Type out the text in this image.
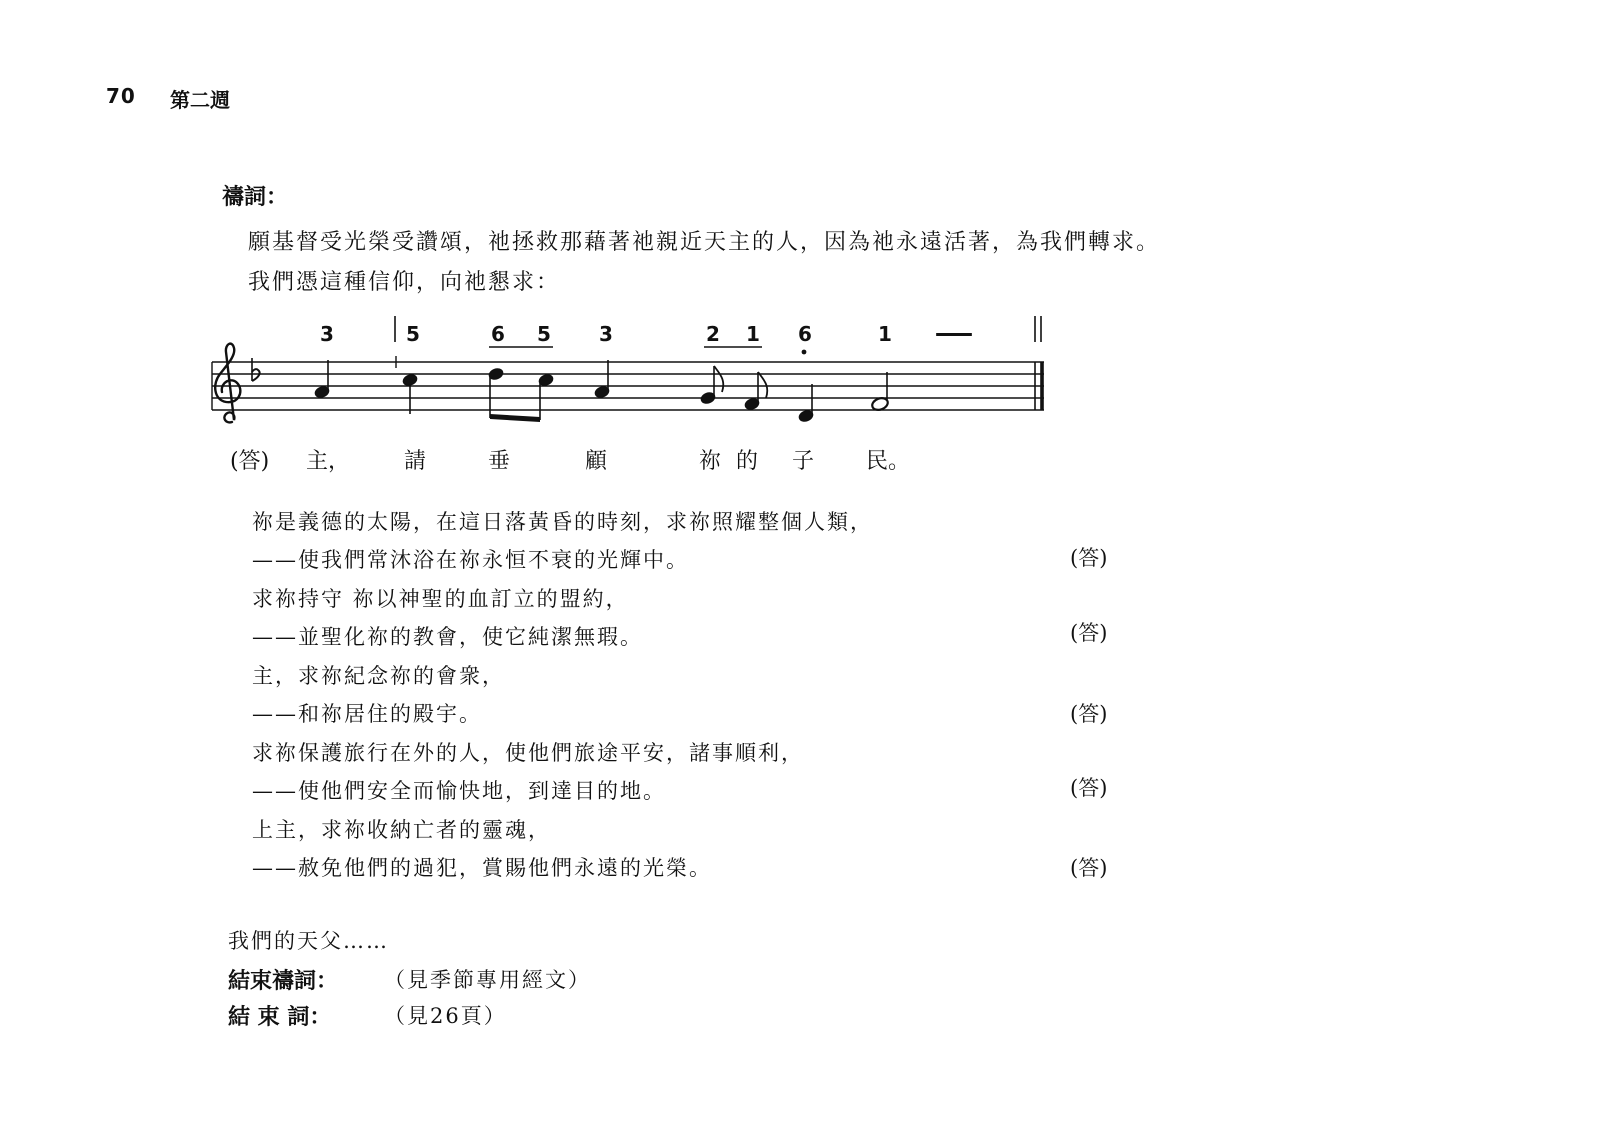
70 第二週
禱詞：
願基督受光榮受讚頌，祂拯救那藉著祂親近天主的人，因為祂永遠活著，為我們轉求。
我們憑這種信仰，向祂懇求：
3	5	6 5 3	2 1 6	1 —
(答) 主， 請	垂	顧	祢 的 子 民。
祢是義德的太陽，在這日落黃昏的時刻，求祢照耀整個人類，
——使我們常沐浴在祢永恒不衰的光輝中。	(答)
求祢持守 祢以神聖的血訂立的盟約，
——並聖化祢的教會，使它純潔無瑕。	(答)
主，求祢紀念祢的會衆，
——和祢居住的殿宇。	(答)
求祢保護旅行在外的人，使他們旅途平安，諸事順利，
——使他們安全而愉快地，到達目的地。	(答)
上主，求祢收納亡者的靈魂，
——赦免他們的過犯，賞賜他們永遠的光榮。	(答)
我們的天父……
結束禱詞： （見季節專用經文）
結 束 詞：	（見26頁）
